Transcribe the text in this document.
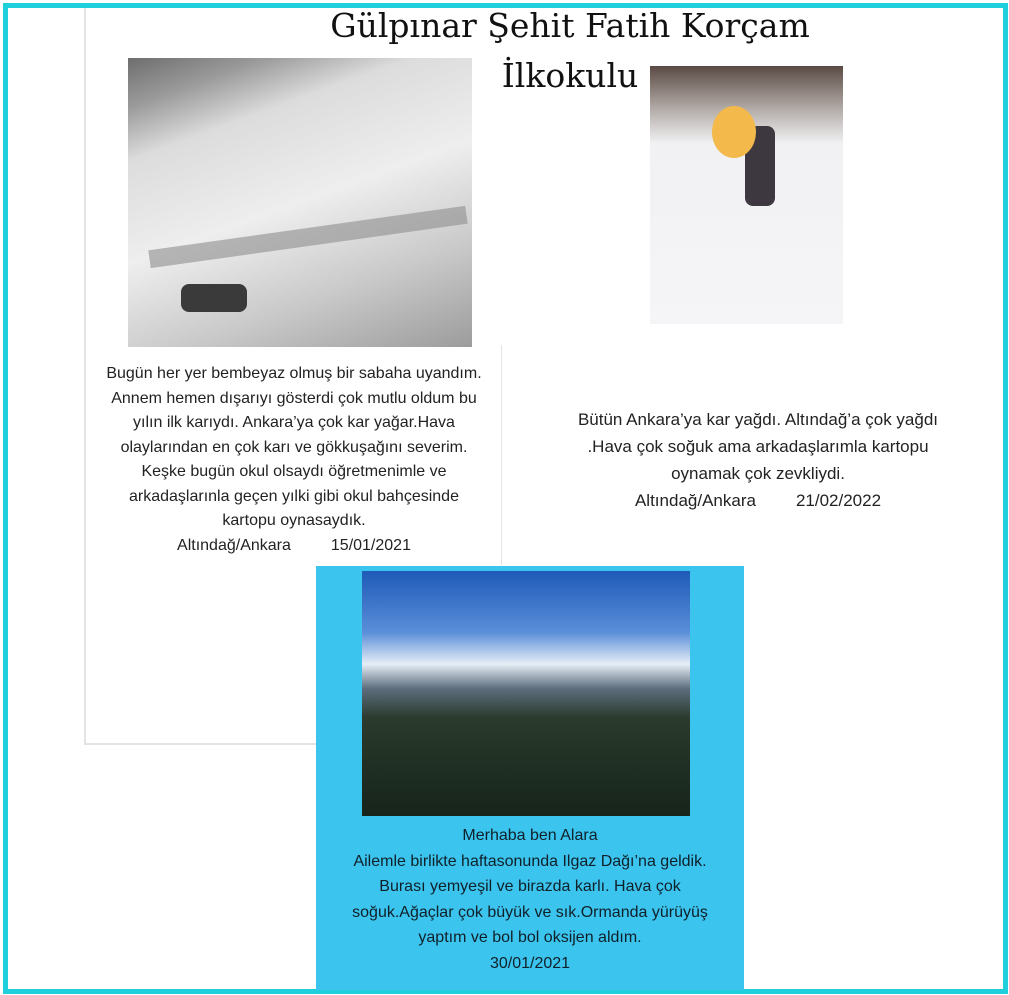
Gülpınar Şehit Fatih Korçam
İlkokulu
Bugün her yer bembeyaz olmuş bir sabaha uyandım.
Annem hemen dışarıyı gösterdi çok mutlu oldum bu
yılın ilk karıydı. Ankara’ya çok kar yağar.Hava
olaylarından en çok karı ve gökkuşağını severim.
Keşke bugün okul olsaydı öğretmenimle ve
arkadaşlarınla geçen yılki gibi okul bahçesinde
kartopu oynasaydık.
Altındağ/Ankara	15/01/2021
Bütün Ankara’ya kar yağdı. Altındağ’a çok yağdı
.Hava çok soğuk ama arkadaşlarımla kartopu
oynamak çok zevkliydi.
Altındağ/Ankara 21/02/2022
Merhaba ben Alara
Ailemle birlikte haftasonunda Ilgaz Dağı’na geldik.
Burası yemyeşil ve birazda karlı. Hava çok
soğuk.Ağaçlar çok büyük ve sık.Ormanda yürüyüş
yaptım ve bol bol oksijen aldım.
30/01/2021
